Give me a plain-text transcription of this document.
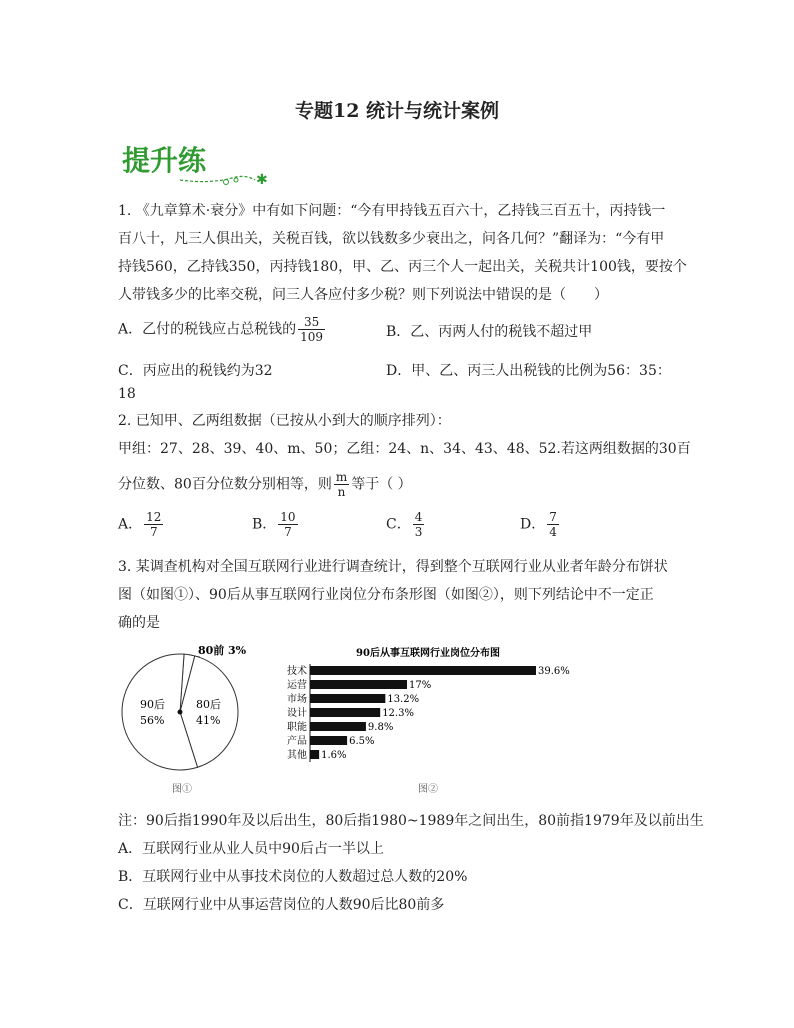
专题12 统计与统计案例
提升练
✱
1. 《九章算术·衰分》中有如下问题：“今有甲持钱五百六十，乙持钱三百五十，丙持钱一
百八十，凡三人俱出关，关税百钱，欲以钱数多少衰出之，问各几何？”翻译为：“今有甲
持钱560，乙持钱350，丙持钱180，甲、乙、丙三个人一起出关，关税共计100钱，要按个
人带钱多少的比率交税，问三人各应付多少税？则下列说法中错误的是（　　）
A．乙付的税钱应占总税钱的 $\frac{35}{109}$	B．乙、丙两人付的税钱不超过甲
C．丙应出的税钱约为32	D．甲、乙、丙三人出税钱的比例为56：35：
18
2. 已知甲、乙两组数据（已按从小到大的顺序排列）：
甲组：27、28、39、40、m、50；乙组：24、n、34、43、48、52.若这两组数据的30百
分位数、80百分位数分别相等，则 $\frac{m}{n}$ 等于（ ）
A． $\frac{12}{7}$	B． $\frac{10}{7}$	C． $\frac{4}{3}$	D． $\frac{7}{4}$
3. 某调查机构对全国互联网行业进行调查统计，得到整个互联网行业从业者年龄分布饼状
图（如图①）、90后从事互联网行业岗位分布条形图（如图②），则下列结论中不一定正
确的是
90后
56%
80后
41%
80前 3%
图①
90后从事互联网行业岗位分布图
技术	39.6%
运营	17%
市场	13.2%
设计	12.3%
职能	9.8%
产品	6.5%
其他 1.6%
图②
注：90后指1990年及以后出生，80后指1980~1989年之间出生，80前指1979年及以前出生
A．互联网行业从业人员中90后占一半以上
B．互联网行业中从事技术岗位的人数超过总人数的20%
C．互联网行业中从事运营岗位的人数90后比80前多
